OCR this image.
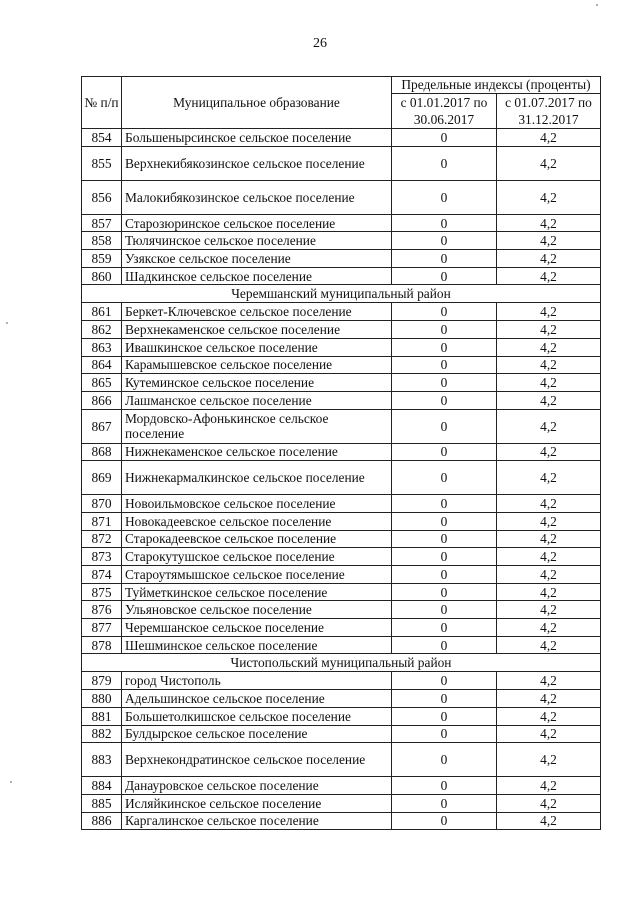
26
№ п/п	Муниципальное образование	Предельные индексы (проценты)	
		с 01.01.2017 по 30.06.2017	с 01.07.2017 по 31.12.2017
854	Большеныpсинское сельское поселение	0	4,2
855	Верхнекибякозинское сельское поселение	0	4,2
856	Малокибякозинское сельское поселение	0	4,2
857	Старозюринское сельское поселение	0	4,2
858	Тюлячинское сельское поселение	0	4,2
859	Узякское сельское поселение	0	4,2
860	Шадкинское сельское поселение	0	4,2
Черемшанский муниципальный район			
861	Беркет-Ключевское сельское поселение	0	4,2
862	Верхнекаменское сельское поселение	0	4,2
863	Ивашкинское сельское поселение	0	4,2
864	Карамышевское сельское поселение	0	4,2
865	Кутеминское сельское поселение	0	4,2
866	Лашманское сельское поселение	0	4,2
867	Мордовско-Афонькинское сельское поселение	0	4,2
868	Нижнекаменское сельское поселение	0	4,2
869	Нижнекармалкинское сельское поселение	0	4,2
870	Новоильмовское сельское поселение	0	4,2
871	Новокадеевское сельское поселение	0	4,2
872	Старокадеевское сельское поселение	0	4,2
873	Старокутушское сельское поселение	0	4,2
874	Староутямышское сельское поселение	0	4,2
875	Туйметкинское сельское поселение	0	4,2
876	Ульяновское сельское поселение	0	4,2
877	Черемшанское сельское поселение	0	4,2
878	Шешминское сельское поселение	0	4,2
Чистопольский муниципальный район			
879	город Чистополь	0	4,2
880	Адельшинское сельское поселение	0	4,2
881	Большетолкишское сельское поселение	0	4,2
882	Булдырское сельское поселение	0	4,2
883	Верхнекондратинское сельское поселение	0	4,2
884	Данауровское сельское поселение	0	4,2
885	Исляйкинское сельское поселение	0	4,2
886	Каргалинское сельское поселение	0	4,2
